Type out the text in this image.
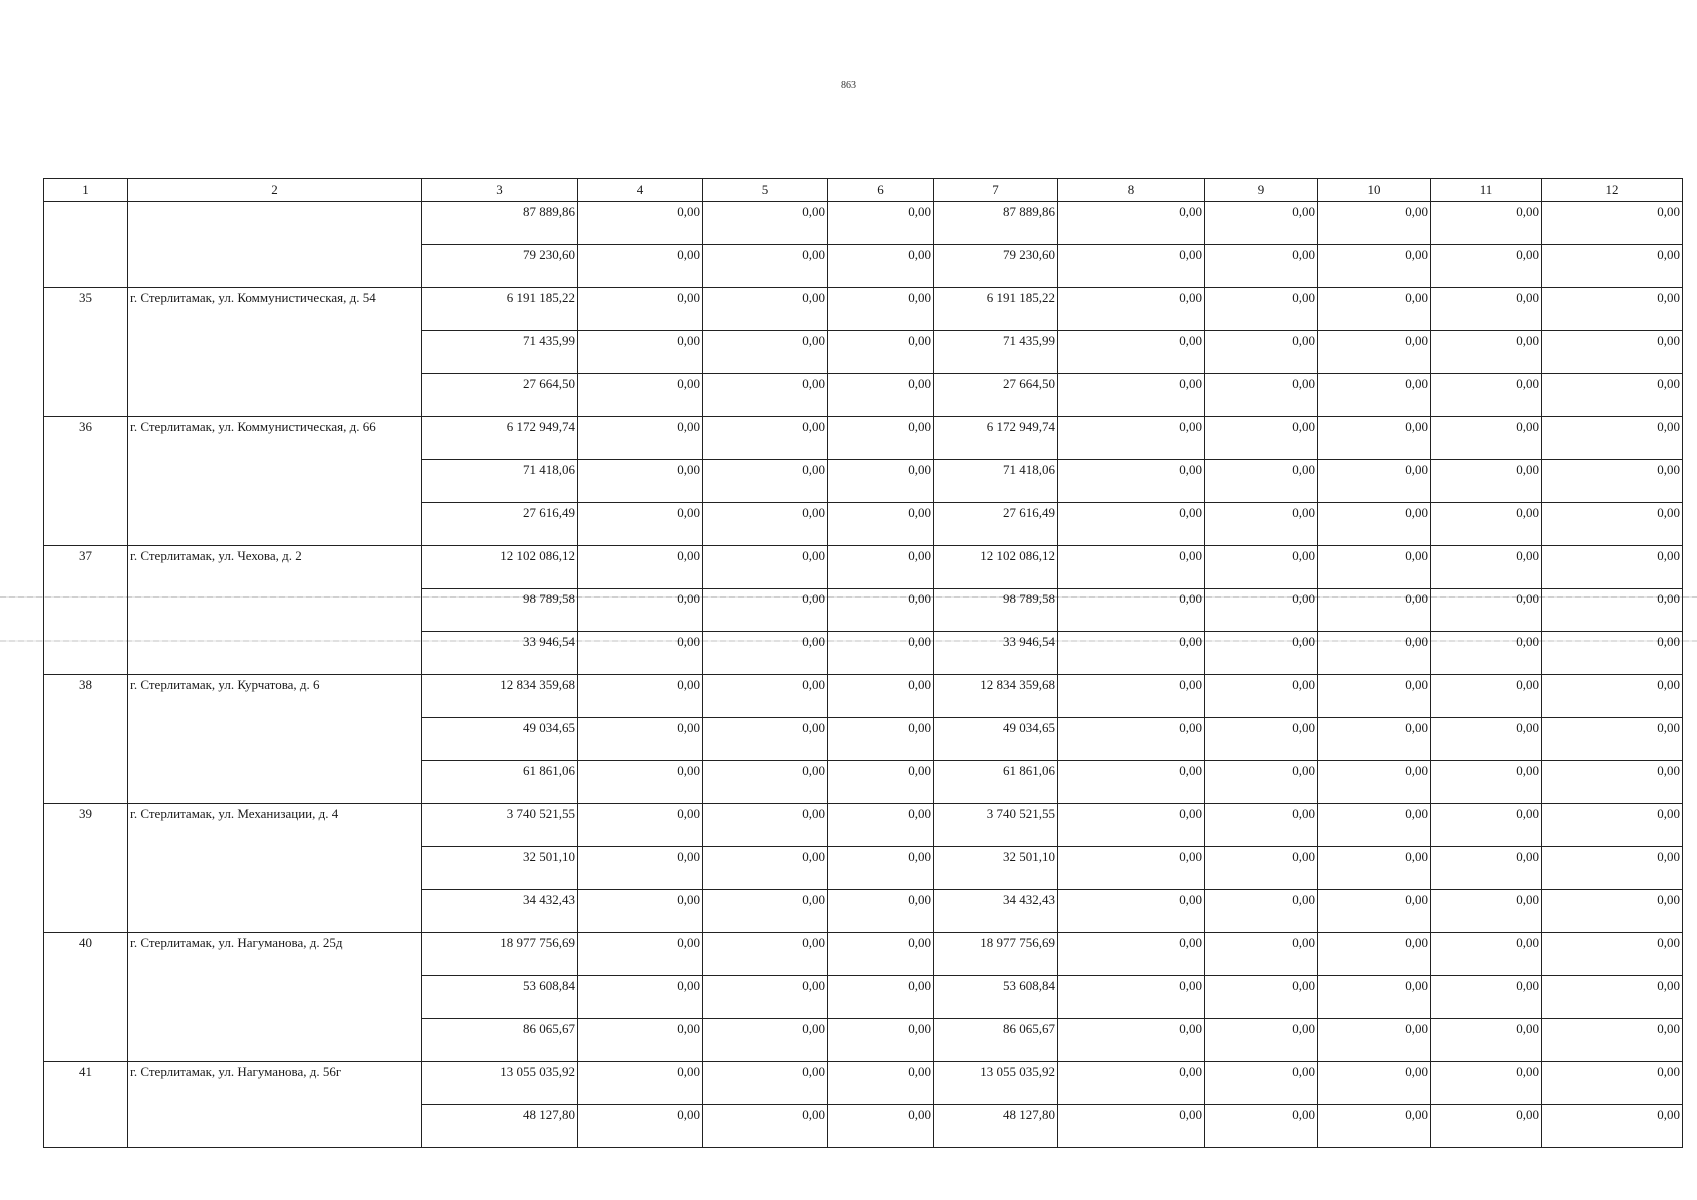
863
1	2	3	4	5	6	7	8	9	10	11	12
		87 889,86	0,00	0,00	0,00	87 889,86	0,00	0,00	0,00	0,00	0,00
		79 230,60	0,00	0,00	0,00	79 230,60	0,00	0,00	0,00	0,00	0,00
35	г. Стерлитамак, ул. Коммунистическая, д. 54	6 191 185,22	0,00	0,00	0,00	6 191 185,22	0,00	0,00	0,00	0,00	0,00
		71 435,99	0,00	0,00	0,00	71 435,99	0,00	0,00	0,00	0,00	0,00
		27 664,50	0,00	0,00	0,00	27 664,50	0,00	0,00	0,00	0,00	0,00
36	г. Стерлитамак, ул. Коммунистическая, д. 66	6 172 949,74	0,00	0,00	0,00	6 172 949,74	0,00	0,00	0,00	0,00	0,00
		71 418,06	0,00	0,00	0,00	71 418,06	0,00	0,00	0,00	0,00	0,00
		27 616,49	0,00	0,00	0,00	27 616,49	0,00	0,00	0,00	0,00	0,00
37	г. Стерлитамак, ул. Чехова, д. 2	12 102 086,12	0,00	0,00	0,00	12 102 086,12	0,00	0,00	0,00	0,00	0,00
		98 789,58	0,00	0,00	0,00	98 789,58	0,00	0,00	0,00	0,00	0,00
		33 946,54	0,00	0,00	0,00	33 946,54	0,00	0,00	0,00	0,00	0,00
38	г. Стерлитамак, ул. Курчатова, д. 6	12 834 359,68	0,00	0,00	0,00	12 834 359,68	0,00	0,00	0,00	0,00	0,00
		49 034,65	0,00	0,00	0,00	49 034,65	0,00	0,00	0,00	0,00	0,00
		61 861,06	0,00	0,00	0,00	61 861,06	0,00	0,00	0,00	0,00	0,00
39	г. Стерлитамак, ул. Механизации, д. 4	3 740 521,55	0,00	0,00	0,00	3 740 521,55	0,00	0,00	0,00	0,00	0,00
		32 501,10	0,00	0,00	0,00	32 501,10	0,00	0,00	0,00	0,00	0,00
		34 432,43	0,00	0,00	0,00	34 432,43	0,00	0,00	0,00	0,00	0,00
40	г. Стерлитамак, ул. Нагуманова, д. 25д	18 977 756,69	0,00	0,00	0,00	18 977 756,69	0,00	0,00	0,00	0,00	0,00
		53 608,84	0,00	0,00	0,00	53 608,84	0,00	0,00	0,00	0,00	0,00
		86 065,67	0,00	0,00	0,00	86 065,67	0,00	0,00	0,00	0,00	0,00
41	г. Стерлитамак, ул. Нагуманова, д. 56г	13 055 035,92	0,00	0,00	0,00	13 055 035,92	0,00	0,00	0,00	0,00	0,00
		48 127,80	0,00	0,00	0,00	48 127,80	0,00	0,00	0,00	0,00	0,00
